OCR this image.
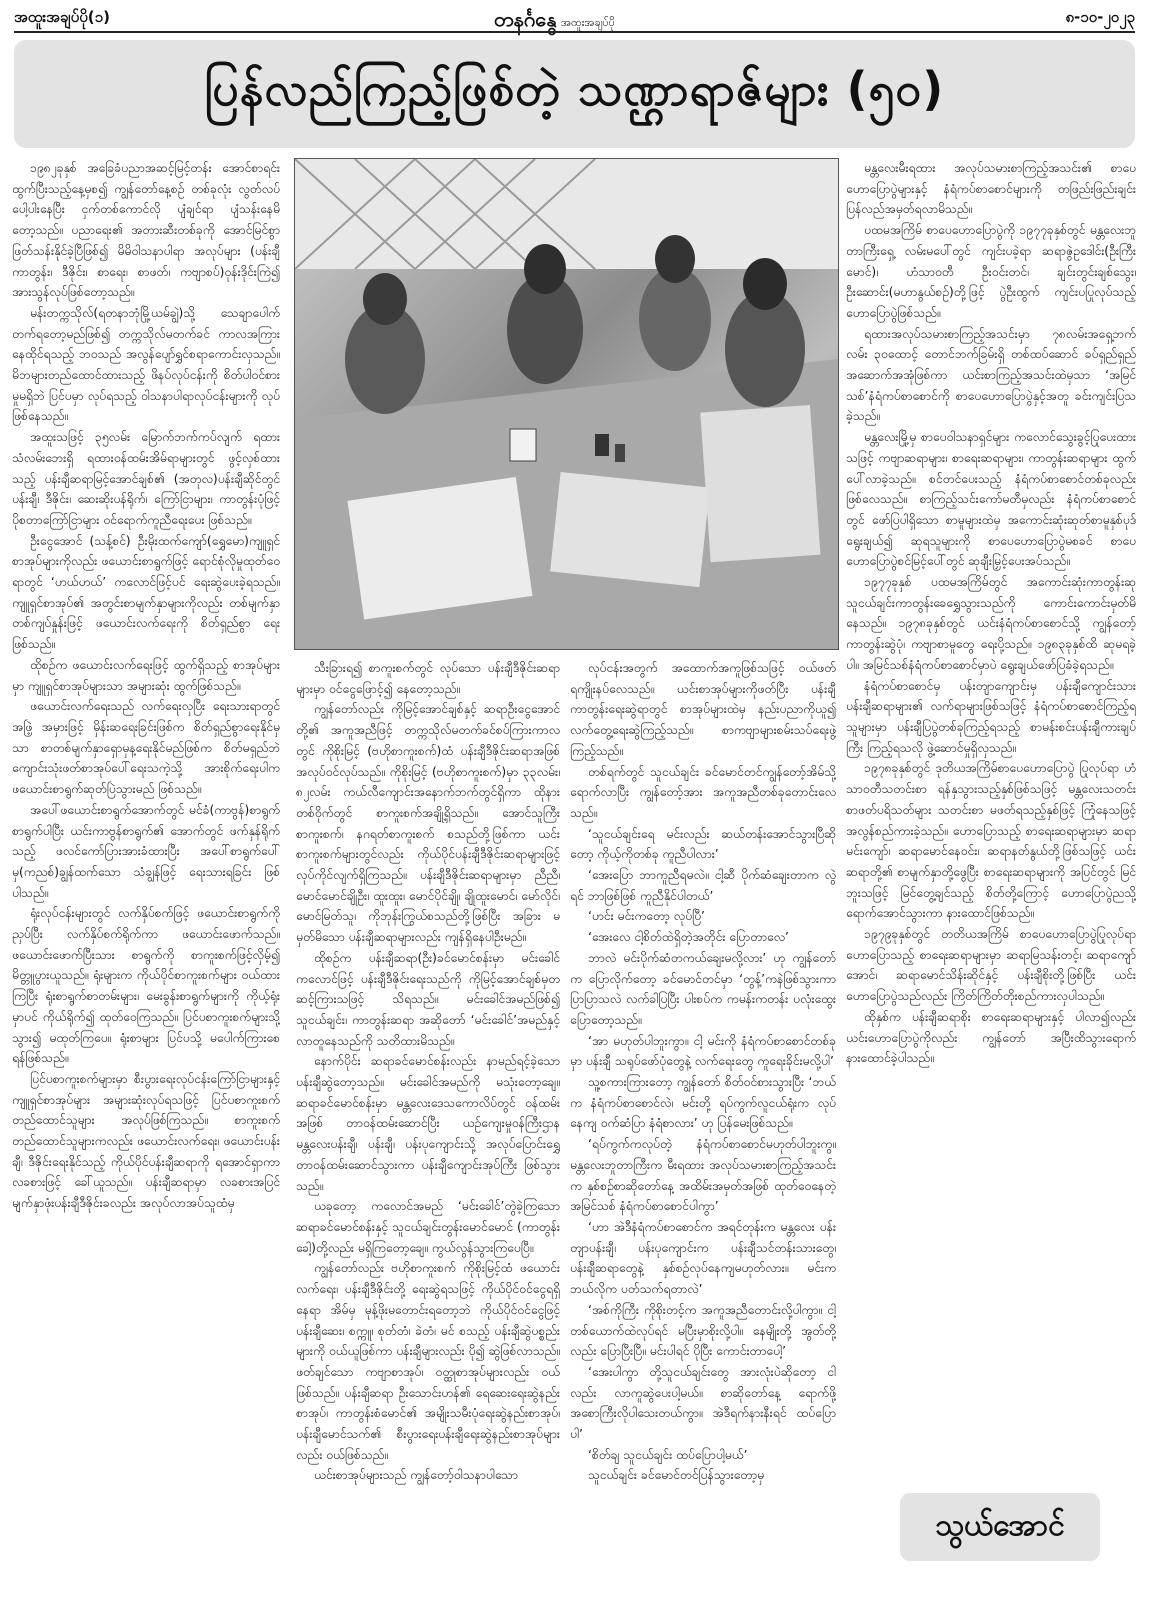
အထူးအချပ်ပို(၁)	တနင်္ဂနွေ အထူးအချပ်ပို	၈-၁၀-၂၀၂၃
ပြန်လည်ကြည့်ဖြစ်တဲ့ သဏ္ဌာရာဇ်များ (၅၀)

၁၉၈၂ခုနှစ် အခြေခံပညာအဆင့်မြင့်တန်း အောင်စာရင်းထွက်ပြီးသည့်နေ့မှစ၍ ကျွန်တော်နေ့စဉ် တစ်ခုလုံး လွတ်လပ်ပေါ့ပါးနေပြီး ငှက်တစ်ကောင်လို ပျံချင်ရာ ပျံသန်းနေမိတော့သည်။ ပညာရေး၏ အတားဆီးတစ်ခုကို အောင်မြင်စွာ ဖြတ်သန်းနိုင်ခဲ့ပြီဖြစ်၍ မိမိဝါသနာပါရာ အလုပ်များ (ပန်းချီကာတွန်း၊ ဒီဇိုင်း၊ စာရေး၊ စာဖတ်၊ ကဗျာစပ်)ဝုန်းဒိုင်းကြဲ၍ အားသွန်လုပ်ဖြစ်တော့သည်။

မန်းတက္ကသိုလ်(ရတနာဘုံမြို့ယမ်ချွဲ)သို့ သေချာပေါက်တက်ရတော့မည်ဖြစ်၍ တက္ကသိုလ်မတက်ခင် ကာလအကြားနေထိုင်ရသည့် ဘဝသည် အလွန်ပျော်ရွှင်စရာကောင်းလှသည်။ မိဘများတည်ထောင်ထားသည့် ဖိနပ်လုပ်ငန်းကို စိတ်ပါဝင်စားမှုမရှိဘဲ ပြင်ပမှာ လုပ်ရသည့် ဝါသနာပါရာလုပ်ငန်းများကို လုပ်ဖြစ်နေသည်။

အထူးသဖြင့် ၃၅လမ်း မြောက်ဘက်ကပ်လျက် ရထားသံလမ်းဘေးရှိ ရထားဝန်ထမ်းအိမ်ရာများတွင် ဖွင့်လှစ်ထားသည့် ပန်းချီဆရာမြင့်အောင်ချစ်၏ (အတုလ)ပန်းချီဆိုင်တွင် ပန်းချီ၊ ဒီဇိုင်း၊ ဆေးဆိုးပန်ရိုက်၊ ကြော်ငြာများ၊ ကာတွန်းပုံဖြင့် ပိုစတာကြော်ငြာများ ဝင်ရောက်ကူညီရေးပေး ဖြစ်သည်။

ဦးငွေအောင် (သန့်စင်) ဦးမိုးထက်ကျော်(ရွှေမော)ကျူရှင်စာအုပ်များကိုလည်း ဖယောင်းစာရွက်ဖြင့် ရောင်စုံလိုမှုထုတ်ဝေရာတွင် ‘ဟယ်ဟယ်’ ကလောင်ဖြင့်ပင် ရေးဆွဲပေးခဲ့ရသည်။ ကျူရှင်စာအုပ်၏ အတွင်းစာမျက်နှာများကိုလည်း တစ်မျက်နှာ တစ်ကျပ်နှုန်းဖြင့် ဖယောင်းလက်ရေးကို စိတ်ရှည်စွာ ရေးဖြစ်သည်။

ထိုစဉ်က ဖယောင်းလက်ရေးဖြင့် ထွက်ရှိသည့် စာအုပ်များမှာ ကျူရှင်စာအုပ်များသာ အများဆုံး ထွက်ဖြစ်သည်။

ဖယောင်းလက်ရေးသည် လက်ရေးလှပြီး ရေးသားရာတွင် အဖြဲ့ အမှားဖြင့် မှိန်းဆရေးခြင်းဖြစ်က စိတ်ရှည်စွာရေးနိုင်မှသာ စာတစ်မျက်နှာရှောမှန့ရေးနိုင်မည်ဖြစ်က စိတ်မရှည်ဘဲ ကျောင်းသုံးဖတ်စာအုပ်ပေါ်ရေးသကဲ့သို့ အားစိုက်ရေးပါက ဖယောင်းစာရွက်ဆုတ်ပြဲသွားမည် ဖြစ်သည်။

အပေါ်ဖယောင်းစာရွက်အောက်တွင် မင်ခံ(ကာဗွန်)စာရွက်စာရွက်ပါပြီး ယင်းကာဗွန်စာရွက်၏ အောက်တွင် ဖက်နှန်ရိုက်သည့် ဖလင်ကော်ပြားအားခံထားပြီး အပေါ်စာရွက်ပေါ်မှ(ကညစ်)ချွန်ထက်သော သံချွန်ဖြင့် ရေးသားရခြင်း ဖြစ်ပါသည်။

ရုံးလုပ်ငန်းများတွင် လက်နှိပ်စက်ဖြင့် ဖယောင်းစာရွက်ကို ညှပ်ပြီး လက်နှိပ်စက်ရိုက်ကာ ဖယောင်းဖောက်သည်။ ဖယောင်းဖောက်ပြီးသား စာရွက်ကို စာကူးစက်ဖြင့်လှိမ့်၍ မိတ္တူပွားယူသည်။ ရုံးများက ကိုယ်ပိုင်စာကူးစက်များ ဝယ်ထားကြပြီး ရုံးစာရွက်စာတမ်းများ၊ မေးခွန်းစာရွက်များကို ကိုယ့်ရုံးမှာပင် ကိုယ်ရိုက်၍ ထုတ်ဝေကြသည်။ ပြင်ပစာကူးစက်များသို့ သွား၍ မထုတ်ကြပေ။ ရုံးစာများ ပြင်ပသို့ မပေါက်ကြားစေရန်ဖြစ်သည်။

ပြင်ပစာကူးစက်များမှာ စီးပွားရေးလုပ်ငန်းကြော်ငြာများနှင့် ကျူရှင်စာအုပ်များ အများဆုံးလုပ်ရသဖြင့် ပြင်ပစာကူးစက်တည်ထောင်သူများ အလုပ်ဖြစ်ကြသည်။ စာကူးစက်တည်ထောင်သူများကလည်း ဖယောင်းလက်ရေး၊ ဖယောင်းပန်းချီ၊ ဒီဇိုင်းရေးနိုင်သည့် ကိုယ်ပိုင်ပန်းချီဆရာကို ရအောင်ရှာကာ လခစားဖြင့် ခေါ်ယူသည်။ ပန်းချီဆရာမှာ လခစားအပြင် မျက်နှာဖုံးပန်းချီဒီဇိုင်းခလည်း အလုပ်လာအပ်သူထံမှ

သီးခြားရ၍ စာကူးစက်တွင် လုပ်သော ပန်းချီဒီဇိုင်းဆရာများမှာ ဝင်ငွေဖြောင့်၍ နေတော့သည်။

ကျွန်တော်လည်း ကိုမြင့်အောင်ချစ်နှင့် ဆရာဦးငွေအောင်တို့၏ အကူအညီဖြင့် တက္ကသိုလ်မတက်ခင်စပ်ကြားကာလတွင် ကိုစိုးမြင့် (ဗဟိုစာကူးစက်)ထံ ပန်းချီဒီဇိုင်းဆရာအဖြစ် အလုပ်ဝင်လုပ်သည်။ ကိုစိုးမြင့် (ဗဟိုစာကူးစက်)မှာ ၃၃လမ်း၊ ၈၂လမ်း ကယ်လီကျောင်းအနောက်ဘက်တွင်ရှိကာ ထိုနားတစ်ဝိုက်တွင် စာကူးစက်အချို့ရှိသည်။ အောင်သူကြီးစာကူးစက်၊ နဂရတ်စာကူးစက် စသည်တို့ဖြစ်ကာ ယင်းစာကူးစက်များတွင်လည်း ကိုယ်ပိုင်ပန်းချီဒီဇိုင်းဆရာများဖြင့် လုပ်ကိုင်လျက်ရှိကြသည်။ ပန်းချီဒီဇိုင်းဆရာများမှာ ညီညီ၊ မောင်မောင်ချိုဦး၊ ထူးထူး၊ မောင်ပိုင်ချို၊ ချိုထူးမောင်၊ မော်လိုင်၊ မောင်မြတ်သူ၊ ကိုဘုန်းကြွယ်စသည်တို့ဖြစ်ပြီး အခြား မမှတ်မိသော ပန်းချီဆရာများလည်း ကျန်ရှိနေပါဦးမည်။

ထိုစဉ်က ပန်းချီဆရာ(ဦး)ခင်မောင်စန်းမှာ မင်းခေါင်ကလောင်ဖြင့် ပန်းချီဒီဇိုင်းရေးသည်ကို ကိုမြင့်အောင်ချစ်မှတဆင့်ကြားသဖြင့် သိရသည်။ မင်းခေါင်အမည်ဖြစ်၍ သူငယ်ချင်း၊ ကာတွန်းဆရာ အဆိုတော် ‘မင်းခေါင်’အမည်နှင့် လာတူနေသည်ကို သတိထားမိသည်။

နောက်ပိုင်း ဆရာခင်မောင်စန်းလည်း နာမည်ရင့်ခဲ့သော ပန်းချီဆွဲတော့သည်။ မင်းခေါင်အမည်ကို မသုံးတော့ချေ။ ဆရာခင်မောင်စန်းမှာ မန္တလေးဒေသကောလိပ်တွင် ဝန်ထမ်းအဖြစ် တာဝန်ထမ်းဆောင်ပြီး ယဉ်ကျေးမှုဝန်ကြီးဌာန မန္တလေးပန်းချီ၊ ပန်းချီ၊ ပန်းပုကျောင်းသို့ အလုပ်ပြောင်းရွှေ့တာဝန်ထမ်းဆောင်သွားကာ ပန်းချီကျောင်းအုပ်ကြီး ဖြစ်သွားသည်။

ယခုတော့ ကလောင်အမည် ‘မင်းခေါင်’တွဲခဲ့ကြသော ဆရာခင်မောင်စန်းနှင့် သူငယ်ချင်းတွန်းမောင်မောင် (ကာတွန်းခေါ့)တို့လည်း မရှိကြတော့ချေ။ ကွယ်လွန်သွားကြပေပြီ။

ကျွန်တော်လည်း ဗဟိုစာကူးစက် ကိုစိုးမြင့်ထံ ဖယောင်းလက်ရေး၊ ပန်းချီဒီဇိုင်းတို့ ရေးဆွဲရသဖြင့် ကိုယ်ပိုင်ဝင်ငွေရရှိနေရာ အိမ်မှ မုန့်ဖိုးမတောင်းရတော့ဘဲ ကိုယ်ပိုင်ဝင်ငွေဖြင့် ပန်းချီဆေး၊ စက္ကူ၊ စုတ်တံ၊ ခဲတံ၊ မင် စသည့် ပန်းချီဆွဲပစ္စည်းများကို ဝယ်ယူဖြစ်ကာ ပန်းချီများလည်း ပို၍ ဆွဲဖြစ်လာသည်။ ဖတ်ချင်သော ကဗျာစာအုပ်၊ ဝတ္ထုစာအုပ်များလည်း ဝယ်ဖြစ်သည်။ ပန်းချီဆရာ ဦးသောင်းဟန်၏ ရေဆေးရေးဆွဲနည်းစာအုပ်၊ ကာတွန်းစံမောင်၏ အမျိုးသမီးပုံရေးဆွဲနည်းစာအုပ်၊ ပန်းချီမောင်သက်၏ စီးပွားရေးပန်းချီရေးဆွဲနည်းစာအုပ်များလည်း ဝယ်ဖြစ်သည်။

ယင်းစာအုပ်များသည် ကျွန်တော့်ဝါသနာပါသော

လုပ်ငန်းအတွက် အထောက်အကူဖြစ်သဖြင့် ဝယ်ဖတ်ရကျိုးနပ်လေသည်။ ယင်းစာအုပ်များကိုဖတ်ပြီး ပန်းချီကာတွန်းရေးဆွဲရာတွင် စာအုပ်များထဲမှ နည်းပညာကိုယူ၍ လက်တွေ့ရေးဆွဲကြည့်သည်။ စာကဗျာများစမ်းသပ်ရေးဖွဲ့ကြည့်သည်။

တစ်ရက်တွင် သူငယ်ချင်း ခင်မောင်တင်ကျွန်တော့်အိမ်သို့ ရောက်လာပြီး ကျွန်တော့်အား အကူအညီတစ်ခုတောင်းလေသည်။

‘သူငယ်ချင်းရေ မင်းလည်း ဆယ်တန်းအောင်သွားပြီဆိုတော့ ကိုယ့်ကိုတစ်ခု ကူညီပါလား’

‘အေးပြော ဘာကူညီရမလဲ။ ငါ့ဆီ ပိုက်ဆံချေးတာက လွဲရင် ဘာဖြစ်ဖြစ် ကူညီနိုင်ပါတယ်’

‘ဟင်း မင်းကတော့ လုပ်ပြီ’

‘အေးလေ ငါ့စိတ်ထဲရှိတဲ့အတိုင်း ပြောတာလေ’

ဘာလဲ မင်းပိုက်ဆံတကယ်ချေးမလို့လား’ ဟု ကျွန်တော်က ပြောလိုက်တော့ ခင်မောင်တင်မှာ ‘တွန့်’ကနဲဖြစ်သွားကာ ပြာပြာသလဲ လက်ခါပြပြီး ပါးစပ်က ကမန်းကတန်း ပလုံးထွေးပြောတော့သည်။

‘အာ မဟုတ်ပါဘူးကွာ။ ငါ့ မင်းကို နံရံကပ်စာစောင်တစ်ခုမှာ ပန်းချီ သရုပ်ဖော်ပုံတွေနဲ့ လက်ရေးတွေ ကူရေးခိုင်းမလို့ပါ’

သူ့စကားကြားတော့ ကျွန်တော် စိတ်ဝင်စားသွားပြီး ‘ဘယ်က နံရံကပ်စာစောင်လဲ၊ မင်းတို့ ရပ်ကွက်လူငယ်ရုံးက လုပ်နေကျ ဝက်ဆံပြာ နံရံစာလား’ ဟု ပြန်မေးဖြစ်သည်။

‘ရပ်ကွက်ကလုပ်တဲ့ နံရံကပ်စာစောင်မဟုတ်ပါဘူးကွ။ မန္တလေးဘူတာကြီးက မီးရထား အလုပ်သမားစာကြည့်အသင်းက နှစ်စဉ်စာဆိုတော်နေ့ အထိမ်းအမှတ်အဖြစ် ထုတ်ဝေနေတဲ့ အမြင်သစ် နံရံကပ်စာစောင်ပါကွာ’

‘ဟာ အဲဒီနံရံကပ်စာစောင်က အရင်တုန်းက မန္တလေး ပန်းတျာပန်းချီ၊ ပန်းပုကျောင်းက ပန်းချီသင်တန်းသားတွေ၊ ပန်းချီဆရာတွေနဲ့ နှစ်စဉ်လုပ်နေကျမဟုတ်လား။ မင်းက ဘယ်လိုက ပတ်သက်ရတာလဲ’

‘အစ်ကိုကြီး ကိုစိုးတင့်က အကူအညီတောင်းလို့ပါကွာ။ ငါ့တစ်ယောက်ထဲလုပ်ရင် မပြီးမှာစိုးလို့ပါ။ နေမျိုးတို့ အွတ်တို့လည်း ပြောပြီးပြီ။ မင်းပါရင် ပိုပြီး ကောင်းတာပေါ့’

‘အေးပါကွာ တို့သူငယ်ချင်းတွေ အားလုံးပဲဆိုတော့ ငါလည်း လာကူဆွဲပေးပါ့မယ်။ စာဆိုတော်နေ့ ရောက်ဖို့ အစောကြီးလိုပါသေးတယ်ကွာ။ အဲဒီရက်နားနီးရင် ထပ်ပြောပါ’

‘စိတ်ချ သူငယ်ချင်း ထပ်ပြောပါ့မယ်’

သူငယ်ချင်း ခင်မောင်တင်ပြန်သွားတော့မှ

မန္တလေးမီးရထား အလုပ်သမားစာကြည့်အသင်း၏ စာပေဟောပြောပွဲများနှင့် နံရံကပ်စာစောင်များကို တဖြည်းဖြည်းချင်း ပြန်လည်အမှတ်ရလာမိသည်။

ပထမအကြိမ် စာပေဟောပြောပွဲကို ၁၉၇၇ခုနှစ်တွင် မန္တလေးဘူတာကြီးရှေ့ လမ်းမပေါ်တွင် ကျင်းပခဲ့ရာ ဆရာဇွဲဥဒေါင်း(ဦးကြီးမောင်)၊ ဟံသာဝတီ ဦးဝင်းတင်၊ ချင်းတွင်းချစ်သွေး၊ ဦးဆောင်း(မဟာနွယ်စဉ်)တို့ဖြင့် ပွဲဦးထွက် ကျင်းပပြုလုပ်သည့် ဟောပြောပွဲဖြစ်သည်။

ရထားအလုပ်သမားစာကြည့်အသင်းမှာ ၇၈လမ်းအရှေ့ဘက် လမ်း ၃၀ထောင့် တောင်ဘက်ခြမ်းရှိ တစ်ထပ်ဆောင် ခပ်ရှည်ရှည် အဆောက်အအုံဖြစ်ကာ ယင်းစာကြည့်အသင်းထဲမှသာ ‘အမြင်သစ်’နံရံကပ်စာစောင်ကို စာပေဟောပြောပွဲနှင့်အတူ ခင်းကျင်းပြသခဲ့သည်။

မန္တလေးမြို့မှ စာပေဝါသနာရှင်များ ကလောင်သွေးခွင့်ပြုပေးထားသဖြင့် ကဗျာဆရာများ၊ စာရေးဆရာများ၊ ကာတွန်းဆရာများ ထွက်ပေါ်လာခဲ့သည်။ စင်တင်ပေးသည့် နံရံကပ်စာစောင်တစ်ခုလည်း ဖြစ်လေသည်။ စာကြည့်သင်းကော်မတီမှလည်း နံရံကပ်စာစောင်တွင် ဖော်ပြပါရှိသော စာမူများထဲမှ အကောင်းဆုံးဆုတ်စာမူနှစ်ပုဒ်ရွေးချယ်၍ ဆုရသူများကို စာပေဟောပြောပွဲမစခင် စာပေဟောပြောပွဲစင်မြင့်ပေါ်တွင် ဆုချီးမြှင့်ပေးအပ်သည်။

၁၉၇၇ခုနှစ် ပထမအကြိမ်တွင် အကောင်းဆုံးကာတွန်းဆု သူငယ်ချင်းကာတွန်းခေရွှေသွားသည်ကို ကောင်းကောင်းမှတ်မိနေသည်။ ၁၉၇၈ခုနှစ်တွင် ယင်းနံရံကပ်စာစောင်သို့ ကျွန်တော့်ကာတွန်းဆွဲပုံ၊ ကဗျာစာမူတွေ ရေးပို့သည်။ ၁၉၈၃ခုနှစ်ထိ ဆုမရခဲ့ပါ။ အမြင်သစ်နံရံကပ်စာစောင်မှာပဲ ရွေးချယ်ဖော်ပြခံခဲ့ရသည်။

နံရံကပ်စာစောင်မှ ပန်းတျာကျောင်းမှ ပန်းချီကျောင်းသားပန်းချီဆရာများ၏ လက်ရာများဖြစ်သဖြင့် နံရံကပ်စာစောင်ကြည့်ရသူများမှာ ပန်းချီပြပွဲတစ်ခုကြည့်ရသည့် စာမန်းစင်းပန်းချီကားချပ်ကြီး ကြည့်ရသလို ဖွဲ့ဆောင်မှုရှိလှသည်။

၁၉၇၈ခုနှစ်တွင် ဒုတိယအကြိမ်စာပေဟောပြောပွဲ ပြုလုပ်ရာ ဟံသာဝတီသတင်းစာ ရန်နှသွားသည့်နှစ်ဖြစ်သဖြင့် မန္တလေးသတင်း စာဖတ်ပရိသတ်များ သတင်းစာ မဖတ်ရသည့်နှစ်ဖြင့် ကြုံနေသဖြင့် အလွန်စည်ကားခဲ့သည်။ ဟောပြောသည့် စာရေးဆရာများမှာ ဆရာမင်းကျော်၊ ဆရာမောင်နေဝင်း၊ ဆရာနတ်နွယ်တို့ဖြစ်သဖြင့် ယင်းဆရာတို့၏ စာမျက်နှာတို့ဖွေပြီး စာရေးဆရာများကို အပြင်တွင် မြင်ဘူးသဖြင့် မြင်တွေ့ချင်သည့် စိတ်တို့ကြောင့် ဟောပြောပွဲညသို့ ရောက်အောင်သွားကာ နားထောင်ဖြစ်သည်။

၁၉၇၉ခုနှစ်တွင် တတိယအကြိမ် စာပေဟောပြောပွဲပြုလုပ်ရာ ဟောပြောသည့် စာရေးဆရာများမှာ ဆရာမြသန်းတင့်၊ ဆရာကျော်အောင်၊ ဆရာမောင်သိန်းဆိုင်နှင့် ပန်းချီစိုးတို့ဖြစ်ပြီး ယင်းဟောပြောပွဲသည်လည်း ကြိတ်ကြိတ်တိုးစည်ကားလှပါသည်။

ထိုနှစ်က ပန်းချီဆရာစိုး စာရေးဆရာများနှင့် ပါလာ၍လည်း ယင်းဟောပြောပွဲကိုလည်း ကျွန်တော် အပြီးထိသွားရောက် နားထောင်ခဲ့ပါသည်။

သွယ်အောင်
